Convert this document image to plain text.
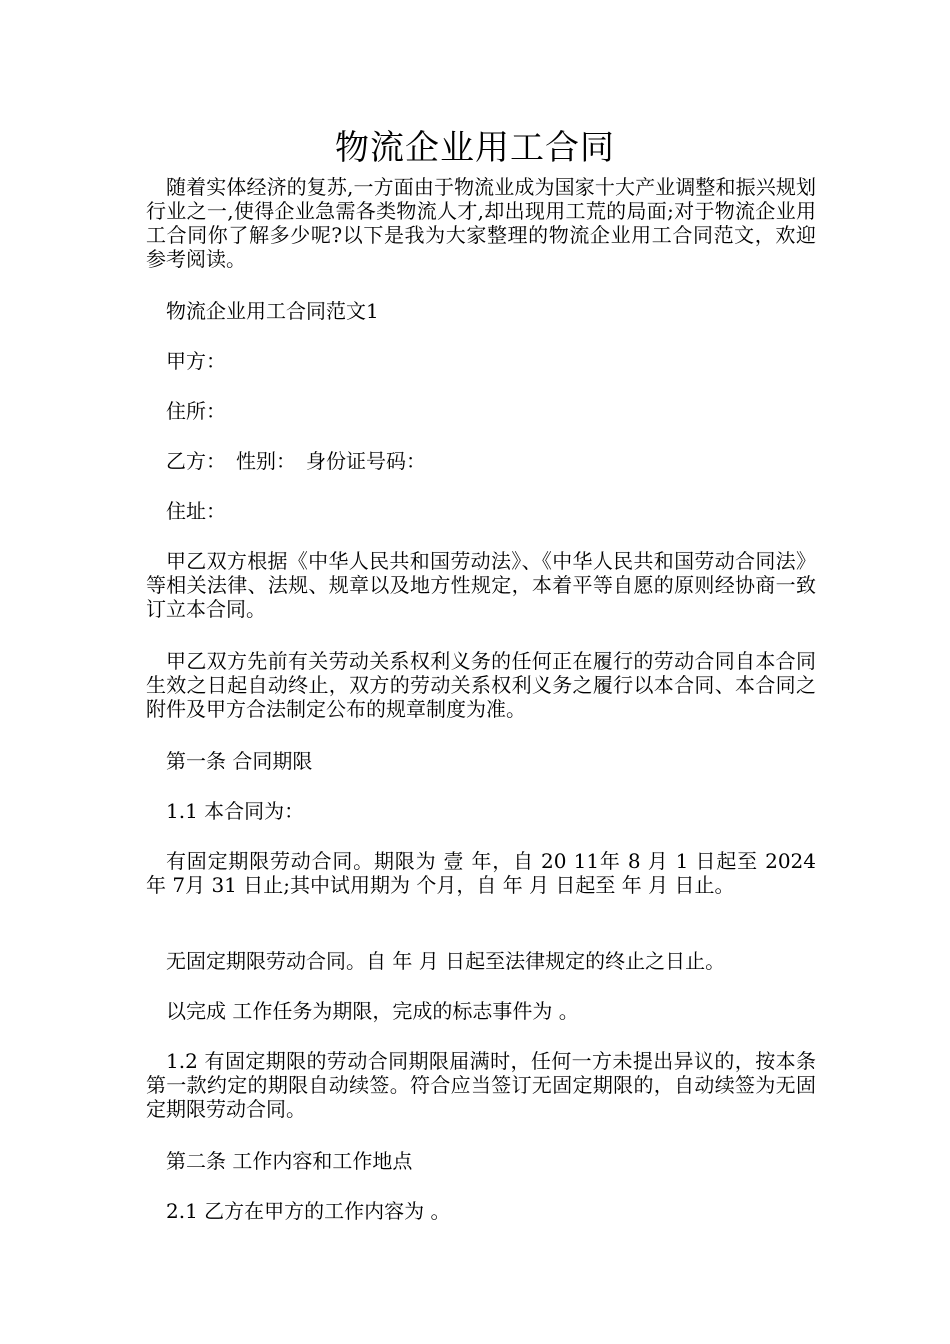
物流企业用工合同
随着实体经济的复苏,一方面由于物流业成为国家十大产业调整和振兴规划行业之一,使得企业急需各类物流人才,却出现用工荒的局面;对于物流企业用工合同你了解多少呢?以下是我为大家整理的物流企业用工合同范文，欢迎参考阅读。
物流企业用工合同范文1
甲方：
住所：
乙方：　性别：　身份证号码：
住址：
甲乙双方根据《中华人民共和国劳动法》、《中华人民共和国劳动合同法》等相关法律、法规、规章以及地方性规定，本着平等自愿的原则经协商一致订立本合同。
甲乙双方先前有关劳动关系权利义务的任何正在履行的劳动合同自本合同生效之日起自动终止，双方的劳动关系权利义务之履行以本合同、本合同之附件及甲方合法制定公布的规章制度为准。
第一条 合同期限
1.1 本合同为：
有固定期限劳动合同。期限为 壹 年，自 20 11年 8 月 1 日起至 2024 年 7月 31 日止;其中试用期为 个月，自 年 月 日起至 年 月 日止。
无固定期限劳动合同。自 年 月 日起至法律规定的终止之日止。
以完成 工作任务为期限，完成的标志事件为 。
1.2 有固定期限的劳动合同期限届满时，任何一方未提出异议的，按本条第一款约定的期限自动续签。符合应当签订无固定期限的，自动续签为无固定期限劳动合同。
第二条 工作内容和工作地点
2.1 乙方在甲方的工作内容为 。
